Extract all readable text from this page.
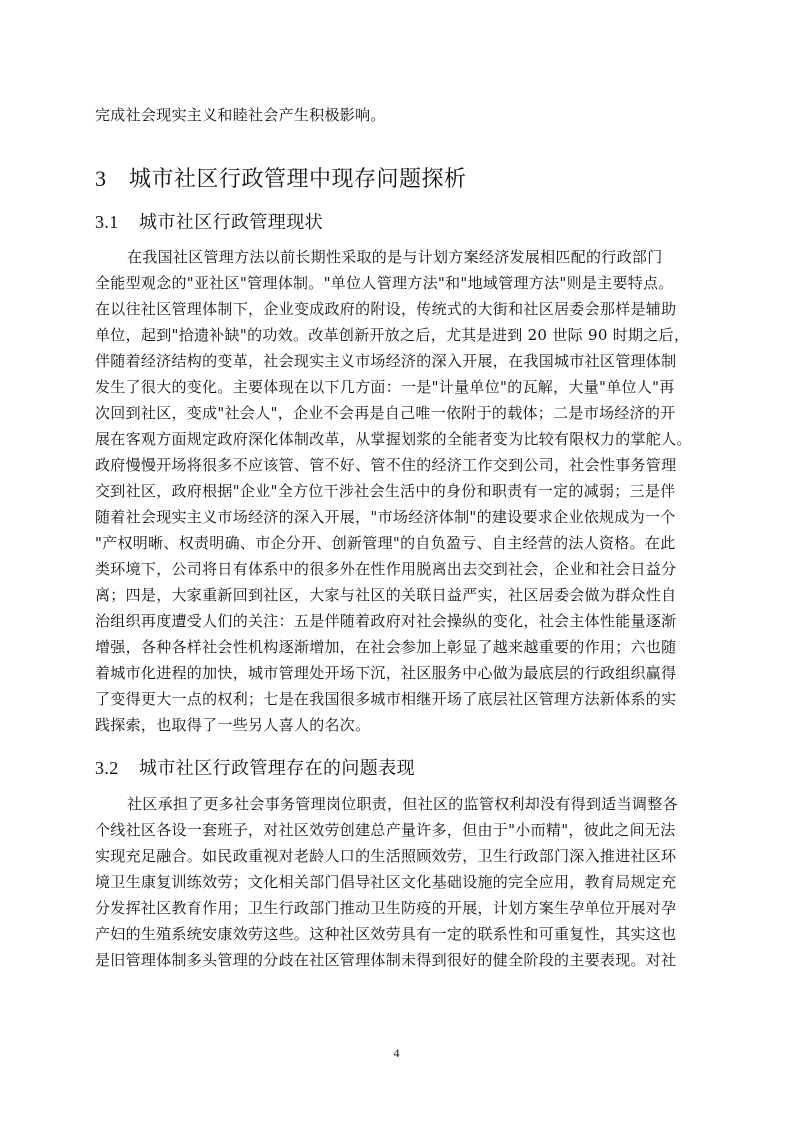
完成社会现实主义和睦社会产生积极影响。
3 城市社区行政管理中现存问题探析
3.1 城市社区行政管理现状
在我国社区管理方法以前长期性采取的是与计划方案经济发展相匹配的行政部门
全能型观念的"亚社区"管理体制。"单位人管理方法"和"地域管理方法"则是主要特点。
在以往社区管理体制下，企业变成政府的附设，传统式的大街和社区居委会那样是辅助
单位，起到"拾遗补缺"的功效。改革创新开放之后，尤其是进到 20 世际 90 时期之后，
伴随着经济结构的变革，社会现实主义市场经济的深入开展，在我国城市社区管理体制
发生了很大的变化。主要体现在以下几方面：一是"计量单位"的瓦解，大量"单位人"再
次回到社区，变成"社会人"，企业不会再是自己唯一依附于的载体；二是市场经济的开
展在客观方面规定政府深化体制改革，从掌握划浆的全能者变为比较有限权力的掌舵人。
政府慢慢开场将很多不应该管、管不好、管不住的经济工作交到公司，社会性事务管理
交到社区，政府根据"企业"全方位干涉社会生活中的身份和职责有一定的减弱；三是伴
随着社会现实主义市场经济的深入开展，"市场经济体制"的建设要求企业依规成为一个
"产权明晰、权责明确、市企分开、创新管理"的自负盈亏、自主经营的法人资格。在此
类环境下，公司将日有体系中的很多外在性作用脱离出去交到社会，企业和社会日益分
离；四是，大家重新回到社区，大家与社区的关联日益严实，社区居委会做为群众性自
治组织再度遭受人们的关注：五是伴随着政府对社会操纵的变化，社会主体性能量逐渐
增强，各种各样社会性机构逐渐增加，在社会参加上彰显了越来越重要的作用；六也随
着城市化进程的加快，城市管理处开场下沉，社区服务中心做为最底层的行政组织赢得
了变得更大一点的权利；七是在我国很多城市相继开场了底层社区管理方法新体系的实
践探索，也取得了一些另人喜人的名次。
3.2 城市社区行政管理存在的问题表现
社区承担了更多社会事务管理岗位职责，但社区的监管权利却没有得到适当调整各
个线社区各设一套班子，对社区效劳创建总产量许多，但由于"小而精"，彼此之间无法
实现充足融合。如民政重视对老龄人口的生活照顾效劳，卫生行政部门深入推进社区环
境卫生康复训练效劳；文化相关部门倡导社区文化基础设施的完全应用，教育局规定充
分发挥社区教育作用；卫生行政部门推动卫生防疫的开展，计划方案生孕单位开展对孕
产妇的生殖系统安康效劳这些。这种社区效劳具有一定的联系性和可重复性，其实这也
是旧管理体制多头管理的分歧在社区管理体制未得到很好的健全阶段的主要表现。对社
4
